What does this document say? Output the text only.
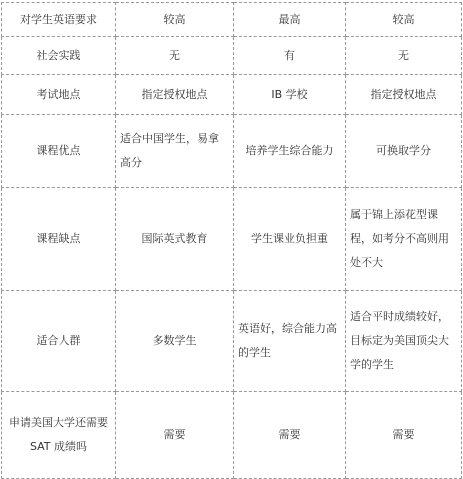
对学生英语要求	较高	最高	较高
社会实践	无	有	无
考试地点	指定授权地点	IB 学校	指定授权地点
课程优点	适合中国学生，易拿高分	培养学生综合能力	可换取学分
课程缺点	国际英式教育	学生课业负担重	属于锦上添花型课程，如考分不高则用处不大
适合人群	多数学生	英语好，综合能力高的学生	适合平时成绩较好，目标定为美国顶尖大学的学生
申请美国大学还需要SAT 成绩吗	需要	需要	需要
